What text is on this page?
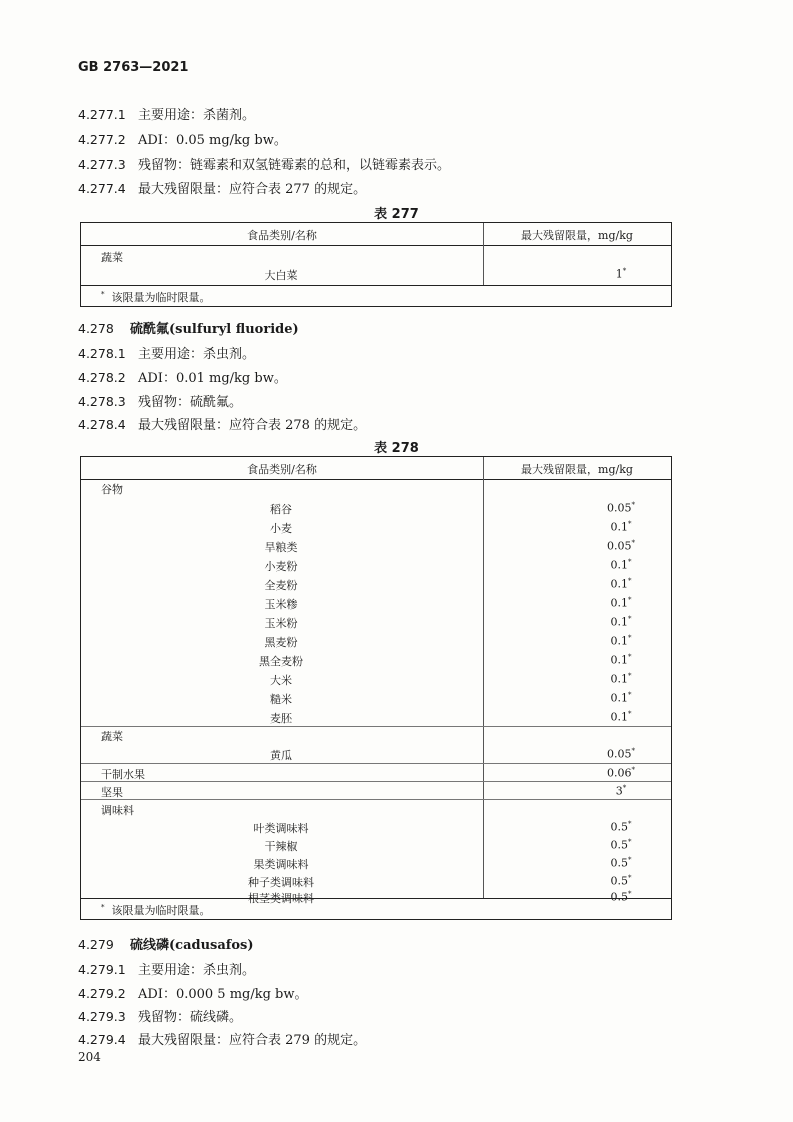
GB 2763—2021
4.277.1 主要用途：杀菌剂。
4.277.2 ADI：0.05 mg/kg bw。
4.277.3 残留物：链霉素和双氢链霉素的总和，以链霉素表示。
4.277.4 最大残留限量：应符合表 277 的规定。
表 277
食品类别/名称	最大残留限量，mg/kg
蔬菜
大白菜	1*
* 该限量为临时限量。
4.278 硫酰氟(sulfuryl fluoride)
4.278.1 主要用途：杀虫剂。
4.278.2 ADI：0.01 mg/kg bw。
4.278.3 残留物：硫酰氟。
4.278.4 最大残留限量：应符合表 278 的规定。
表 278
食品类别/名称	最大残留限量，mg/kg
谷物
稻谷	0.05*
小麦	0.1*
旱粮类	0.05*
小麦粉	0.1*
全麦粉	0.1*
玉米糁	0.1*
玉米粉	0.1*
黑麦粉	0.1*
黑全麦粉	0.1*
大米	0.1*
糙米	0.1*
麦胚	0.1*
蔬菜
黄瓜	0.05*
干制水果	0.06*
坚果	3*
调味料
叶类调味料	0.5*
干辣椒	0.5*
果类调味料	0.5*
种子类调味料	0.5*
根茎类调味料	0.5*
* 该限量为临时限量。
4.279 硫线磷(cadusafos)
4.279.1 主要用途：杀虫剂。
4.279.2 ADI：0.000 5 mg/kg bw。
4.279.3 残留物：硫线磷。
4.279.4 最大残留限量：应符合表 279 的规定。
204
